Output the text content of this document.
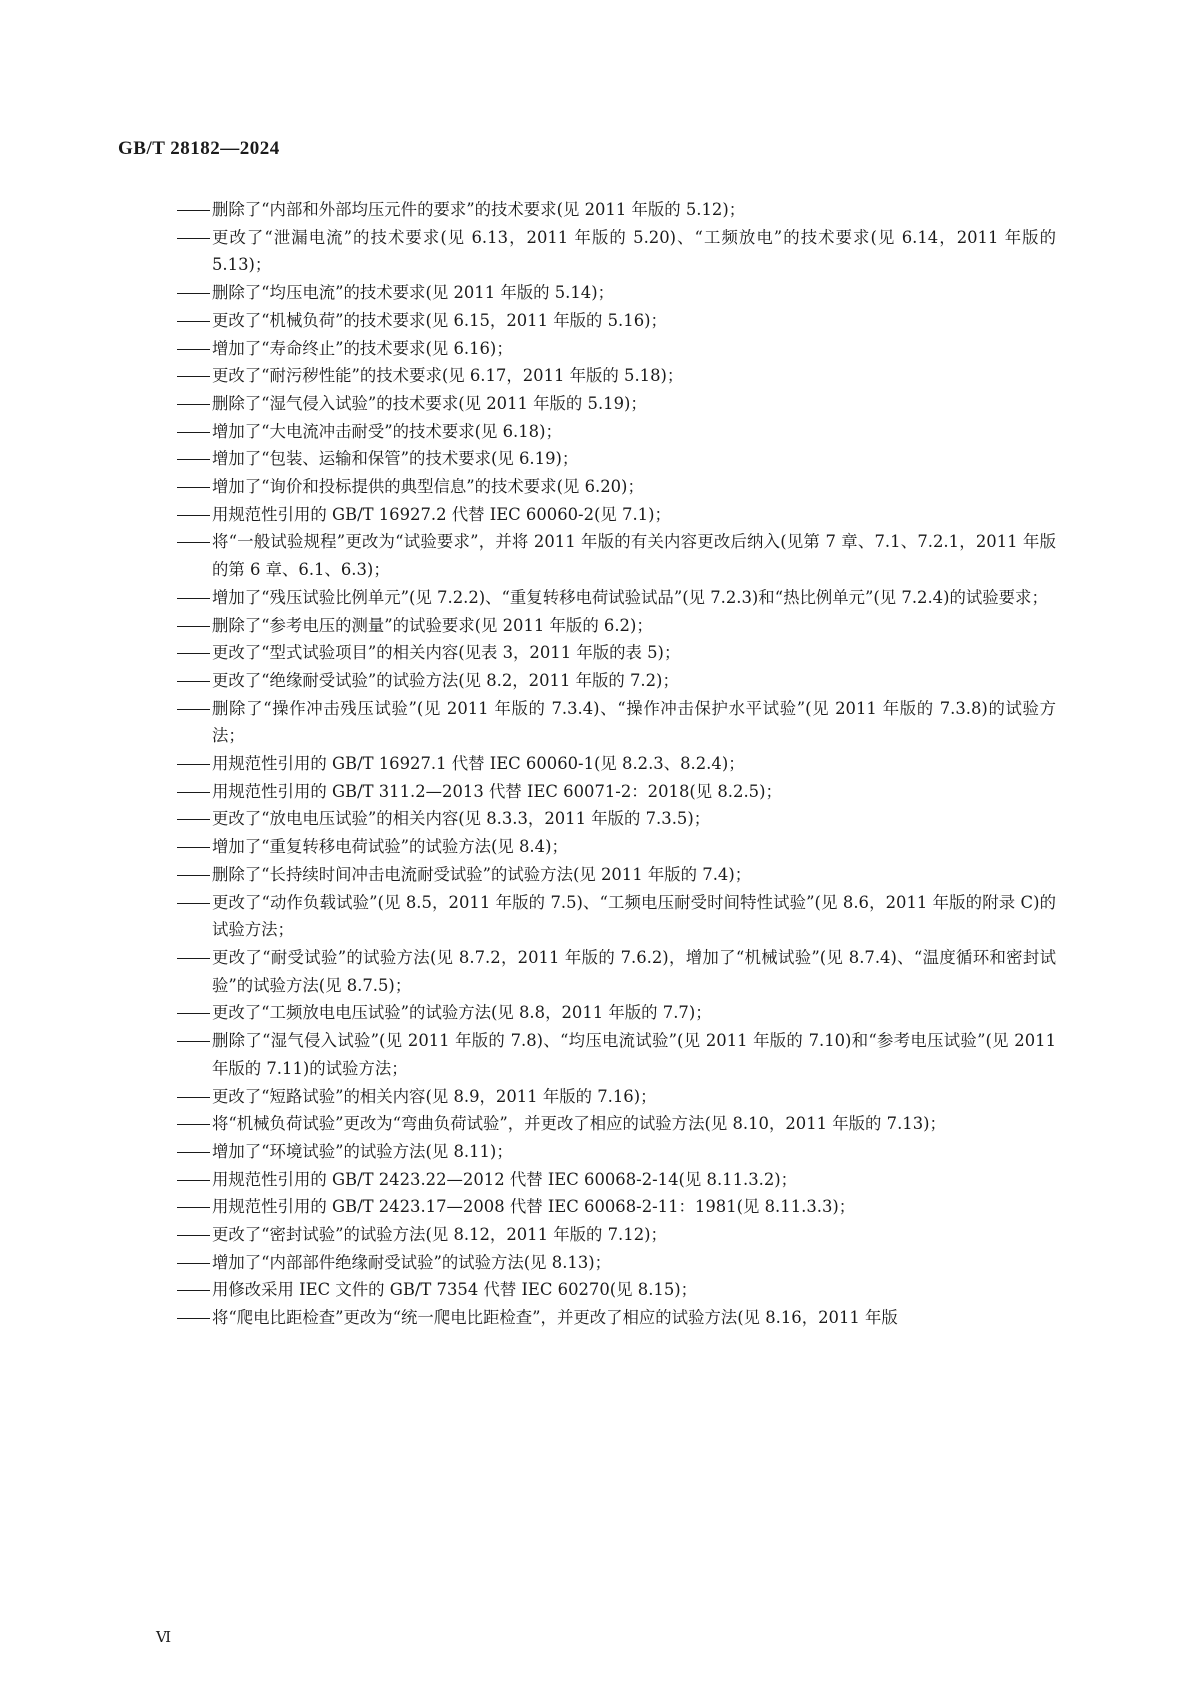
GB/T 28182—2024
删除了“内部和外部均压元件的要求”的技术要求(见 2011 年版的 5.12)；
更改了“泄漏电流”的技术要求(见 6.13，2011 年版的 5.20)、“工频放电”的技术要求(见 6.14，2011 年版的 5.13)；
删除了“均压电流”的技术要求(见 2011 年版的 5.14)；
更改了“机械负荷”的技术要求(见 6.15，2011 年版的 5.16)；
增加了“寿命终止”的技术要求(见 6.16)；
更改了“耐污秽性能”的技术要求(见 6.17，2011 年版的 5.18)；
删除了“湿气侵入试验”的技术要求(见 2011 年版的 5.19)；
增加了“大电流冲击耐受”的技术要求(见 6.18)；
增加了“包装、运输和保管”的技术要求(见 6.19)；
增加了“询价和投标提供的典型信息”的技术要求(见 6.20)；
用规范性引用的 GB/T 16927.2 代替 IEC 60060-2(见 7.1)；
将“一般试验规程”更改为“试验要求”，并将 2011 年版的有关内容更改后纳入(见第 7 章、7.1、7.2.1，2011 年版的第 6 章、6.1、6.3)；
增加了“残压试验比例单元”(见 7.2.2)、“重复转移电荷试验试品”(见 7.2.3)和“热比例单元”(见 7.2.4)的试验要求；
删除了“参考电压的测量”的试验要求(见 2011 年版的 6.2)；
更改了“型式试验项目”的相关内容(见表 3，2011 年版的表 5)；
更改了“绝缘耐受试验”的试验方法(见 8.2，2011 年版的 7.2)；
删除了“操作冲击残压试验”(见 2011 年版的 7.3.4)、“操作冲击保护水平试验”(见 2011 年版的 7.3.8)的试验方法；
用规范性引用的 GB/T 16927.1 代替 IEC 60060-1(见 8.2.3、8.2.4)；
用规范性引用的 GB/T 311.2—2013 代替 IEC 60071-2：2018(见 8.2.5)；
更改了“放电电压试验”的相关内容(见 8.3.3，2011 年版的 7.3.5)；
增加了“重复转移电荷试验”的试验方法(见 8.4)；
删除了“长持续时间冲击电流耐受试验”的试验方法(见 2011 年版的 7.4)；
更改了“动作负载试验”(见 8.5，2011 年版的 7.5)、“工频电压耐受时间特性试验”(见 8.6，2011 年版的附录 C)的试验方法；
更改了“耐受试验”的试验方法(见 8.7.2，2011 年版的 7.6.2)，增加了“机械试验”(见 8.7.4)、“温度循环和密封试验”的试验方法(见 8.7.5)；
更改了“工频放电电压试验”的试验方法(见 8.8，2011 年版的 7.7)；
删除了“湿气侵入试验”(见 2011 年版的 7.8)、“均压电流试验”(见 2011 年版的 7.10)和“参考电压试验”(见 2011 年版的 7.11)的试验方法；
更改了“短路试验”的相关内容(见 8.9，2011 年版的 7.16)；
将“机械负荷试验”更改为“弯曲负荷试验”，并更改了相应的试验方法(见 8.10，2011 年版的 7.13)；
增加了“环境试验”的试验方法(见 8.11)；
用规范性引用的 GB/T 2423.22—2012 代替 IEC 60068-2-14(见 8.11.3.2)；
用规范性引用的 GB/T 2423.17—2008 代替 IEC 60068-2-11：1981(见 8.11.3.3)；
更改了“密封试验”的试验方法(见 8.12，2011 年版的 7.12)；
增加了“内部部件绝缘耐受试验”的试验方法(见 8.13)；
用修改采用 IEC 文件的 GB/T 7354 代替 IEC 60270(见 8.15)；
将“爬电比距检查”更改为“统一爬电比距检查”，并更改了相应的试验方法(见 8.16，2011 年版
Ⅵ
